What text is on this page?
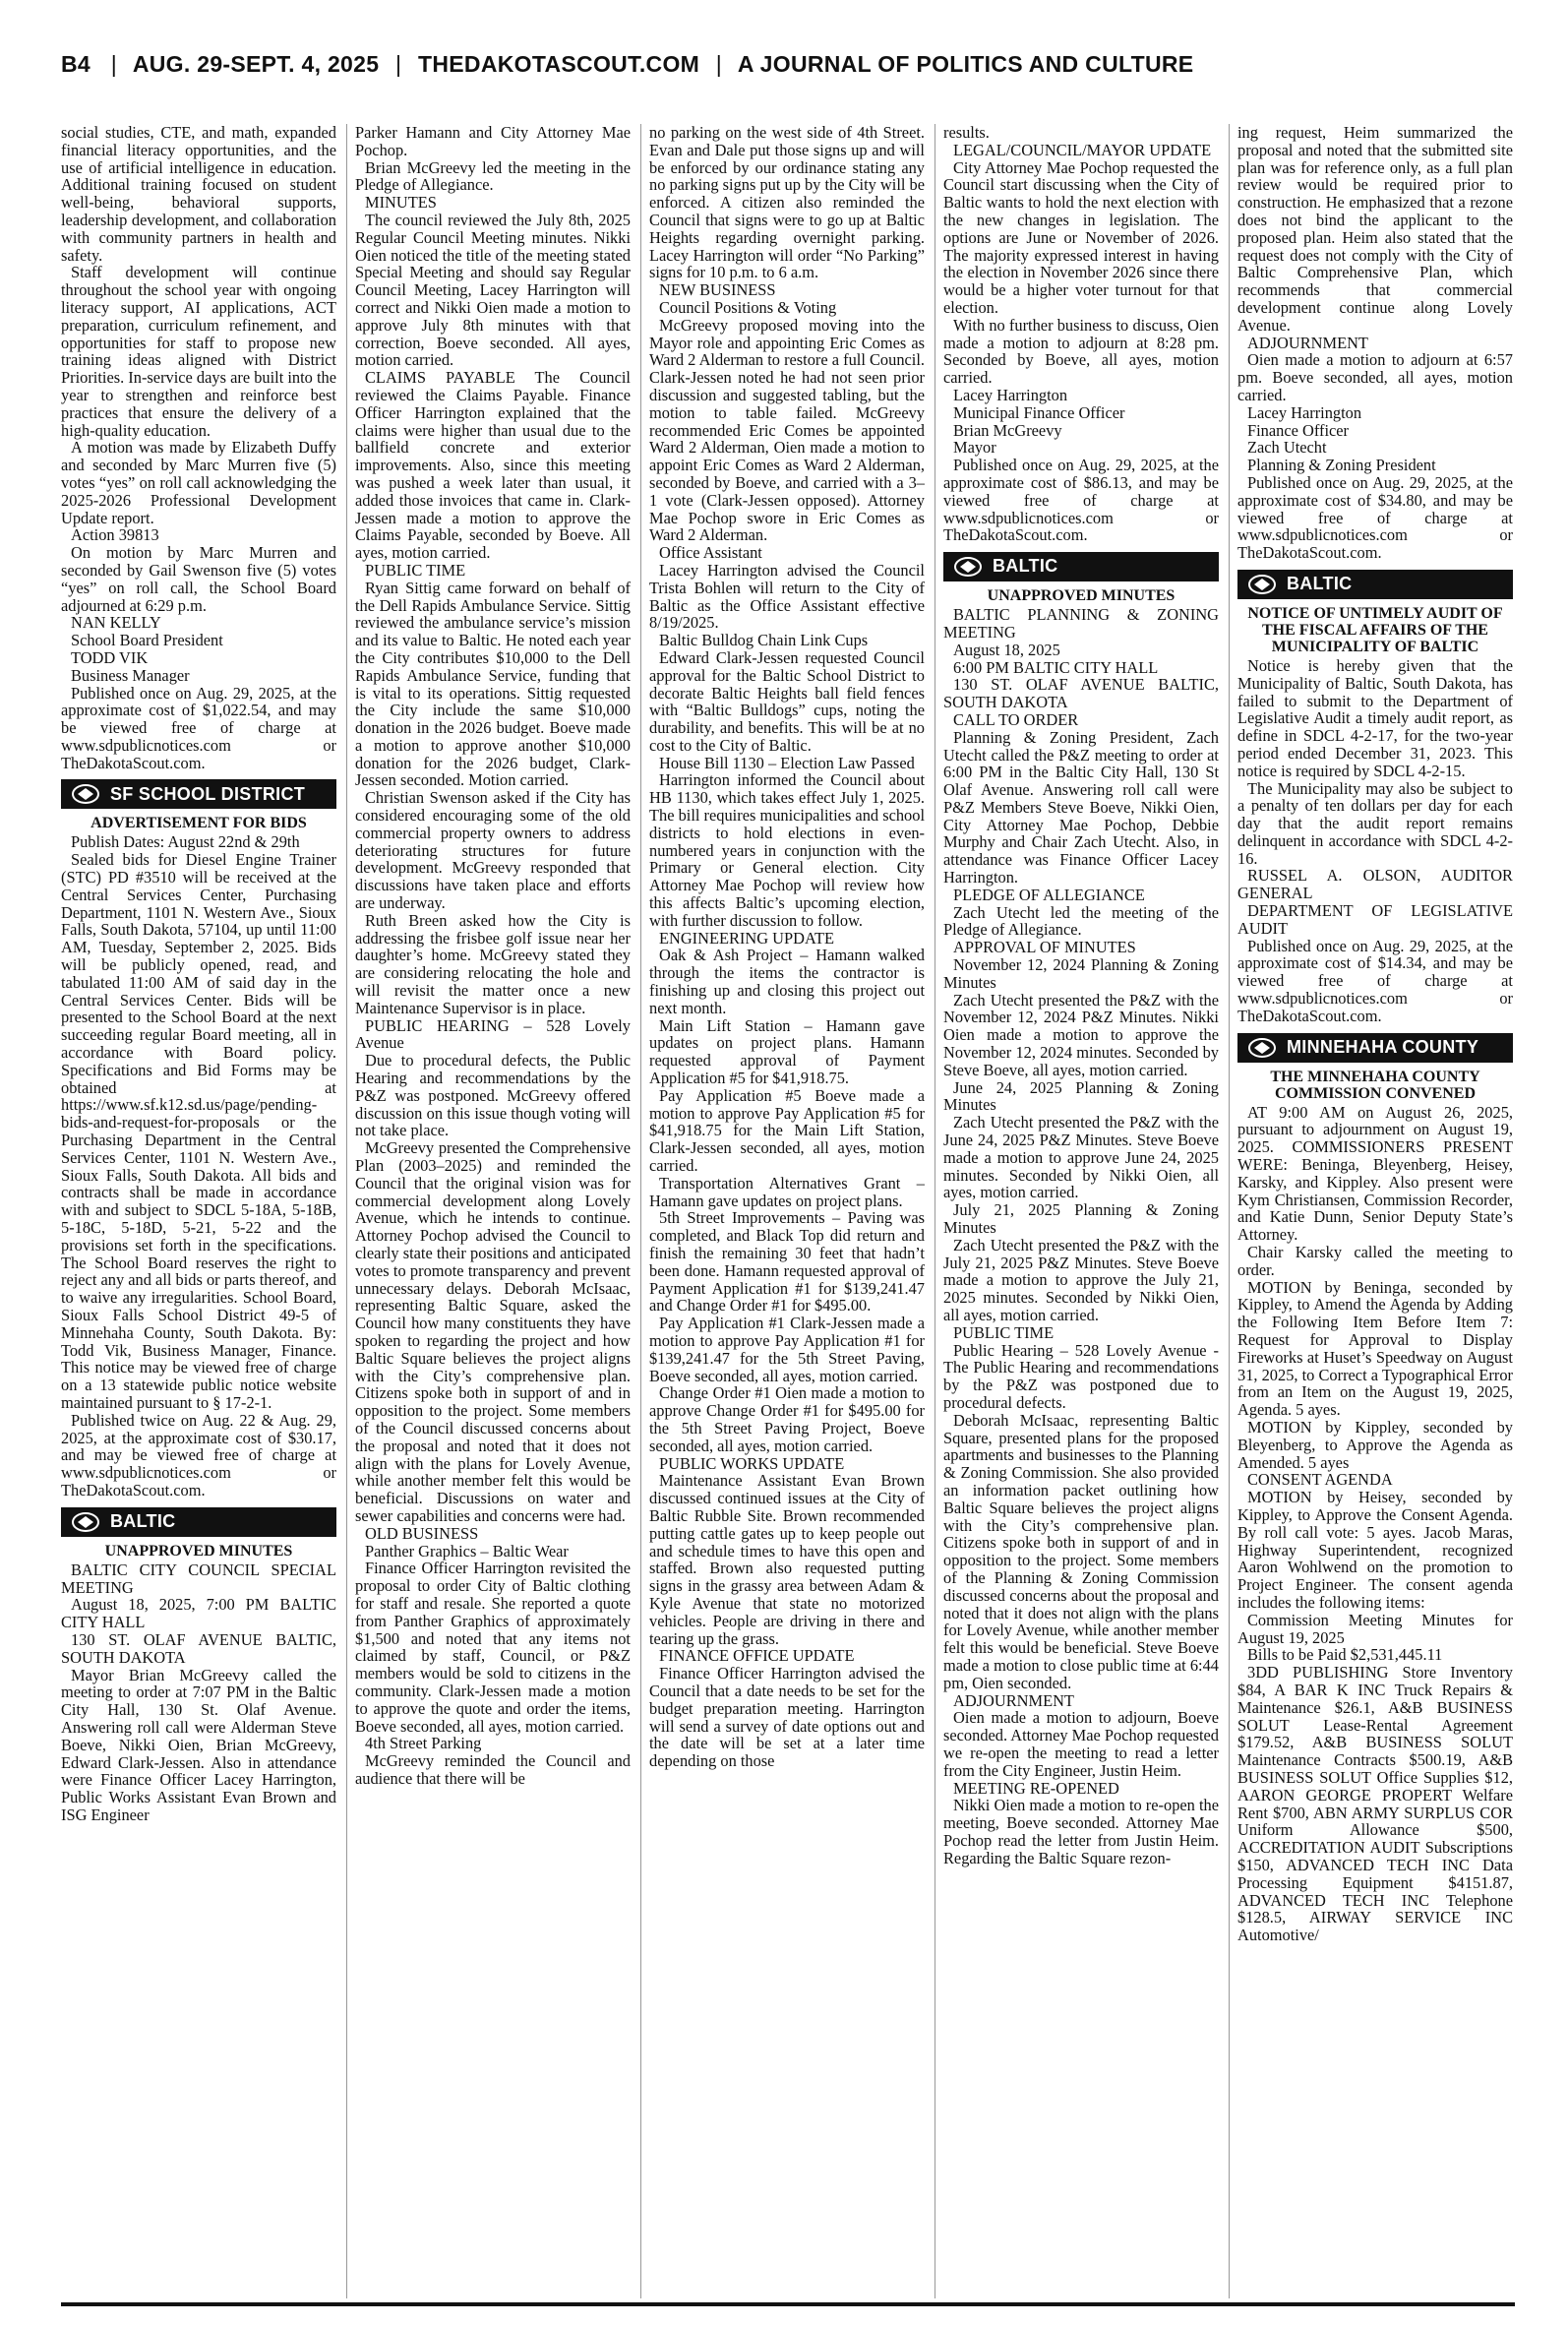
B4 | AUG. 29-SEPT. 4, 2025 | THEDAKOTASCOUT.COM | A JOURNAL OF POLITICS AND CULTURE

social studies, CTE, and math, expanded financial literacy opportunities, and the use of artificial intelligence in education. Additional training focused on student well-being, behavioral supports, leadership development, and collaboration with community partners in health and safety.

Staff development will continue throughout the school year with ongoing literacy support, AI applications, ACT preparation, curriculum refinement, and opportunities for staff to propose new training ideas aligned with District Priorities. In-service days are built into the year to strengthen and reinforce best practices that ensure the delivery of a high-quality education.

A motion was made by Elizabeth Duffy and seconded by Marc Murren five (5) votes “yes” on roll call acknowledging the 2025-2026 Professional Development Update report.

Action 39813

On motion by Marc Murren and seconded by Gail Swenson five (5) votes “yes” on roll call, the School Board adjourned at 6:29 p.m.

NAN KELLY

School Board President

TODD VIK

Business Manager

Published once on Aug. 29, 2025, at the approximate cost of $1,022.54, and may be viewed free of charge at www.sdpublicnotices.com or TheDakotaScout.com.

SF SCHOOL DISTRICT
ADVERTISEMENT FOR BIDS

Publish Dates: August 22nd & 29th

Sealed bids for Diesel Engine Trainer (STC) PD #3510 will be received at the Central Services Center, Purchasing Department, 1101 N. Western Ave., Sioux Falls, South Dakota, 57104, up until 11:00 AM, Tuesday, September 2, 2025. Bids will be publicly opened, read, and tabulated 11:00 AM of said day in the Central Services Center. Bids will be presented to the School Board at the next succeeding regular Board meeting, all in accordance with Board policy. Specifications and Bid Forms may be obtained at https://www.sf.k12.sd.us/page/pending-bids-and-request-for-proposals or the Purchasing Department in the Central Services Center, 1101 N. Western Ave., Sioux Falls, South Dakota. All bids and contracts shall be made in accordance with and subject to SDCL 5-18A, 5-18B, 5-18C, 5-18D, 5-21, 5-22 and the provisions set forth in the specifications. The School Board reserves the right to reject any and all bids or parts thereof, and to waive any irregularities. School Board, Sioux Falls School District 49-5 of Minnehaha County, South Dakota. By: Todd Vik, Business Manager, Finance. This notice may be viewed free of charge on a 13 statewide public notice website maintained pursuant to § 17-2-1.

Published twice on Aug. 22 & Aug. 29, 2025, at the approximate cost of $30.17, and may be viewed free of charge at www.sdpublicnotices.com or TheDakotaScout.com.

BALTIC
UNAPPROVED MINUTES

BALTIC CITY COUNCIL SPECIAL MEETING

August 18, 2025, 7:00 PM BALTIC CITY HALL

130 ST. OLAF AVENUE BALTIC, SOUTH DAKOTA

Mayor Brian McGreevy called the meeting to order at 7:07 PM in the Baltic City Hall, 130 St. Olaf Avenue. Answering roll call were Alderman Steve Boeve, Nikki Oien, Brian McGreevy, Edward Clark-Jessen. Also in attendance were Finance Officer Lacey Harrington, Public Works Assistant Evan Brown and ISG Engineer

Parker Hamann and City Attorney Mae Pochop.

Brian McGreevy led the meeting in the Pledge of Allegiance.

MINUTES

The council reviewed the July 8th, 2025 Regular Council Meeting minutes. Nikki Oien noticed the title of the meeting stated Special Meeting and should say Regular Council Meeting, Lacey Harrington will correct and Nikki Oien made a motion to approve July 8th minutes with that correction, Boeve seconded. All ayes, motion carried.

CLAIMS PAYABLE The Council reviewed the Claims Payable. Finance Officer Harrington explained that the claims were higher than usual due to the ballfield concrete and exterior improvements. Also, since this meeting was pushed a week later than usual, it added those invoices that came in. Clark-Jessen made a motion to approve the Claims Payable, seconded by Boeve. All ayes, motion carried.

PUBLIC TIME

Ryan Sittig came forward on behalf of the Dell Rapids Ambulance Service. Sittig reviewed the ambulance service’s mission and its value to Baltic. He noted each year the City contributes $10,000 to the Dell Rapids Ambulance Service, funding that is vital to its operations. Sittig requested the City include the same $10,000 donation in the 2026 budget. Boeve made a motion to approve another $10,000 donation for the 2026 budget, Clark-Jessen seconded. Motion carried.

Christian Swenson asked if the City has considered encouraging some of the old commercial property owners to address deteriorating structures for future development. McGreevy responded that discussions have taken place and efforts are underway.

Ruth Breen asked how the City is addressing the frisbee golf issue near her daughter’s home. McGreevy stated they are considering relocating the hole and will revisit the matter once a new Maintenance Supervisor is in place.

PUBLIC HEARING – 528 Lovely Avenue

Due to procedural defects, the Public Hearing and recommendations by the P&Z was postponed. McGreevy offered discussion on this issue though voting will not take place.

McGreevy presented the Comprehensive Plan (2003–2025) and reminded the Council that the original vision was for commercial development along Lovely Avenue, which he intends to continue. Attorney Pochop advised the Council to clearly state their positions and anticipated votes to promote transparency and prevent unnecessary delays. Deborah McIsaac, representing Baltic Square, asked the Council how many constituents they have spoken to regarding the project and how Baltic Square believes the project aligns with the City’s comprehensive plan. Citizens spoke both in support of and in opposition to the project. Some members of the Council discussed concerns about the proposal and noted that it does not align with the plans for Lovely Avenue, while another member felt this would be beneficial. Discussions on water and sewer capabilities and concerns were had.

OLD BUSINESS

Panther Graphics – Baltic Wear

Finance Officer Harrington revisited the proposal to order City of Baltic clothing for staff and resale. She reported a quote from Panther Graphics of approximately $1,500 and noted that any items not claimed by staff, Council, or P&Z members would be sold to citizens in the community. Clark-Jessen made a motion to approve the quote and order the items, Boeve seconded, all ayes, motion carried.

4th Street Parking

McGreevy reminded the Council and audience that there will be

no parking on the west side of 4th Street. Evan and Dale put those signs up and will be enforced by our ordinance stating any no parking signs put up by the City will be enforced. A citizen also reminded the Council that signs were to go up at Baltic Heights regarding overnight parking. Lacey Harrington will order “No Parking” signs for 10 p.m. to 6 a.m.

NEW BUSINESS

Council Positions & Voting

McGreevy proposed moving into the Mayor role and appointing Eric Comes as Ward 2 Alderman to restore a full Council. Clark-Jessen noted he had not seen prior discussion and suggested tabling, but the motion to table failed. McGreevy recommended Eric Comes be appointed Ward 2 Alderman, Oien made a motion to appoint Eric Comes as Ward 2 Alderman, seconded by Boeve, and carried with a 3–1 vote (Clark-Jessen opposed). Attorney Mae Pochop swore in Eric Comes as Ward 2 Alderman.

Office Assistant

Lacey Harrington advised the Council Trista Bohlen will return to the City of Baltic as the Office Assistant effective 8/19/2025.

Baltic Bulldog Chain Link Cups

Edward Clark-Jessen requested Council approval for the Baltic School District to decorate Baltic Heights ball field fences with “Baltic Bulldogs” cups, noting the durability, and benefits. This will be at no cost to the City of Baltic.

House Bill 1130 – Election Law Passed

Harrington informed the Council about HB 1130, which takes effect July 1, 2025. The bill requires municipalities and school districts to hold elections in even-numbered years in conjunction with the Primary or General election. City Attorney Mae Pochop will review how this affects Baltic’s upcoming election, with further discussion to follow.

ENGINEERING UPDATE

Oak & Ash Project – Hamann walked through the items the contractor is finishing up and closing this project out next month.

Main Lift Station – Hamann gave updates on project plans. Hamann requested approval of Payment Application #5 for $41,918.75.

Pay Application #5 Boeve made a motion to approve Pay Application #5 for $41,918.75 for the Main Lift Station, Clark-Jessen seconded, all ayes, motion carried.

Transportation Alternatives Grant – Hamann gave updates on project plans.

5th Street Improvements – Paving was completed, and Black Top did return and finish the remaining 30 feet that hadn’t been done. Hamann requested approval of Payment Application #1 for $139,241.47 and Change Order #1 for $495.00.

Pay Application #1 Clark-Jessen made a motion to approve Pay Application #1 for $139,241.47 for the 5th Street Paving, Boeve seconded, all ayes, motion carried.

Change Order #1 Oien made a motion to approve Change Order #1 for $495.00 for the 5th Street Paving Project, Boeve seconded, all ayes, motion carried.

PUBLIC WORKS UPDATE

Maintenance Assistant Evan Brown discussed continued issues at the City of Baltic Rubble Site. Brown recommended putting cattle gates up to keep people out and schedule times to have this open and staffed. Brown also requested putting signs in the grassy area between Adam & Kyle Avenue that state no motorized vehicles. People are driving in there and tearing up the grass.

FINANCE OFFICE UPDATE

Finance Officer Harrington advised the Council that a date needs to be set for the budget preparation meeting. Harrington will send a survey of date options out and the date will be set at a later time depending on those

results.

LEGAL/COUNCIL/MAYOR UPDATE

City Attorney Mae Pochop requested the Council start discussing when the City of Baltic wants to hold the next election with the new changes in legislation. The options are June or November of 2026. The majority expressed interest in having the election in November 2026 since there would be a higher voter turnout for that election.

With no further business to discuss, Oien made a motion to adjourn at 8:28 pm. Seconded by Boeve, all ayes, motion carried.

Lacey Harrington

Municipal Finance Officer

Brian McGreevy

Mayor

Published once on Aug. 29, 2025, at the approximate cost of $86.13, and may be viewed free of charge at www.sdpublicnotices.com or TheDakotaScout.com.

BALTIC
UNAPPROVED MINUTES

BALTIC PLANNING & ZONING MEETING

August 18, 2025

6:00 PM BALTIC CITY HALL

130 ST. OLAF AVENUE BALTIC, SOUTH DAKOTA

CALL TO ORDER

Planning & Zoning President, Zach Utecht called the P&Z meeting to order at 6:00 PM in the Baltic City Hall, 130 St Olaf Avenue. Answering roll call were P&Z Members Steve Boeve, Nikki Oien, City Attorney Mae Pochop, Debbie Murphy and Chair Zach Utecht. Also, in attendance was Finance Officer Lacey Harrington.

PLEDGE OF ALLEGIANCE

Zach Utecht led the meeting of the Pledge of Allegiance.

APPROVAL OF MINUTES

November 12, 2024 Planning & Zoning Minutes

Zach Utecht presented the P&Z with the November 12, 2024 P&Z Minutes. Nikki Oien made a motion to approve the November 12, 2024 minutes. Seconded by Steve Boeve, all ayes, motion carried.

June 24, 2025 Planning & Zoning Minutes

Zach Utecht presented the P&Z with the June 24, 2025 P&Z Minutes. Steve Boeve made a motion to approve June 24, 2025 minutes. Seconded by Nikki Oien, all ayes, motion carried.

July 21, 2025 Planning & Zoning Minutes

Zach Utecht presented the P&Z with the July 21, 2025 P&Z Minutes. Steve Boeve made a motion to approve the July 21, 2025 minutes. Seconded by Nikki Oien, all ayes, motion carried.

PUBLIC TIME

Public Hearing – 528 Lovely Avenue - The Public Hearing and recommendations by the P&Z was postponed due to procedural defects.

Deborah McIsaac, representing Baltic Square, presented plans for the proposed apartments and businesses to the Planning & Zoning Commission. She also provided an information packet outlining how Baltic Square believes the project aligns with the City’s comprehensive plan. Citizens spoke both in support of and in opposition to the project. Some members of the Planning & Zoning Commission discussed concerns about the proposal and noted that it does not align with the plans for Lovely Avenue, while another member felt this would be beneficial. Steve Boeve made a motion to close public time at 6:44 pm, Oien seconded.

ADJOURNMENT

Oien made a motion to adjourn, Boeve seconded. Attorney Mae Pochop requested we re-open the meeting to read a letter from the City Engineer, Justin Heim.

MEETING RE-OPENED

Nikki Oien made a motion to re-open the meeting, Boeve seconded. Attorney Mae Pochop read the letter from Justin Heim. Regarding the Baltic Square rezon-

ing request, Heim summarized the proposal and noted that the submitted site plan was for reference only, as a full plan review would be required prior to construction. He emphasized that a rezone does not bind the applicant to the proposed plan. Heim also stated that the request does not comply with the City of Baltic Comprehensive Plan, which recommends that commercial development continue along Lovely Avenue.

ADJOURNMENT

Oien made a motion to adjourn at 6:57 pm. Boeve seconded, all ayes, motion carried.

Lacey Harrington

Finance Officer

Zach Utecht

Planning & Zoning President

Published once on Aug. 29, 2025, at the approximate cost of $34.80, and may be viewed free of charge at www.sdpublicnotices.com or TheDakotaScout.com.

BALTIC
NOTICE OF UNTIMELY AUDIT OF THE FISCAL AFFAIRS OF THE MUNICIPALITY OF BALTIC

Notice is hereby given that the Municipality of Baltic, South Dakota, has failed to submit to the Department of Legislative Audit a timely audit report, as define in SDCL 4-2-17, for the two-year period ended December 31, 2023. This notice is required by SDCL 4-2-15.

The Municipality may also be subject to a penalty of ten dollars per day for each day that the audit report remains delinquent in accordance with SDCL 4-2-16.

RUSSEL A. OLSON, AUDITOR GENERAL

DEPARTMENT OF LEGISLATIVE AUDIT

Published once on Aug. 29, 2025, at the approximate cost of $14.34, and may be viewed free of charge at www.sdpublicnotices.com or TheDakotaScout.com.

MINNEHAHA COUNTY
THE MINNEHAHA COUNTY COMMISSION CONVENED

AT 9:00 AM on August 26, 2025, pursuant to adjournment on August 19, 2025. COMMISSIONERS PRESENT WERE: Beninga, Bleyenberg, Heisey, Karsky, and Kippley. Also present were Kym Christiansen, Commission Recorder, and Katie Dunn, Senior Deputy State’s Attorney.

Chair Karsky called the meeting to order.

MOTION by Beninga, seconded by Kippley, to Amend the Agenda by Adding the Following Item Before Item 7: Request for Approval to Display Fireworks at Huset’s Speedway on August 31, 2025, to Correct a Typographical Error from an Item on the August 19, 2025, Agenda. 5 ayes.

MOTION by Kippley, seconded by Bleyenberg, to Approve the Agenda as Amended. 5 ayes

CONSENT AGENDA

MOTION by Heisey, seconded by Kippley, to Approve the Consent Agenda. By roll call vote: 5 ayes. Jacob Maras, Highway Superintendent, recognized Aaron Wohlwend on the promotion to Project Engineer. The consent agenda includes the following items:

Commission Meeting Minutes for August 19, 2025

Bills to be Paid $2,531,445.11

3DD PUBLISHING Store Inventory $84, A BAR K INC Truck Repairs & Maintenance $26.1, A&B BUSINESS SOLUT Lease-Rental Agreement $179.52, A&B BUSINESS SOLUT Maintenance Contracts $500.19, A&B BUSINESS SOLUT Office Supplies $12, AARON GEORGE PROPERT Welfare Rent $700, ABN ARMY SURPLUS COR Uniform Allowance $500, ACCREDITATION AUDIT Subscriptions $150, ADVANCED TECH INC Data Processing Equipment $4151.87, ADVANCED TECH INC Telephone $128.5, AIRWAY SERVICE INC Automotive/
